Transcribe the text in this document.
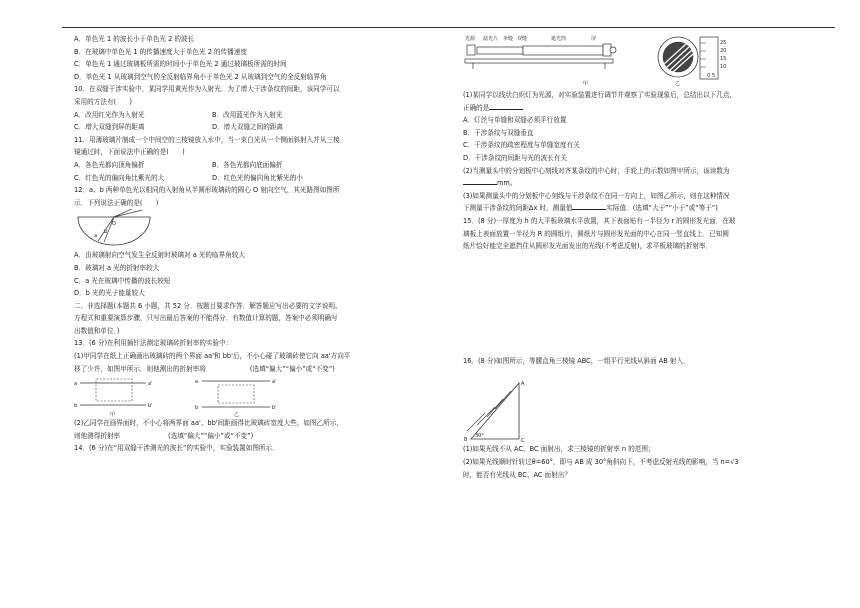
A．单色光 1 的波长小于单色光 2 的波长

B．在玻璃中单色光 1 的传播速度大于单色光 2 的传播速度

C．单色光 1 通过玻璃板所需的时间小于单色光 2 通过玻璃板所需的时间

D．单色光 1 从玻璃到空气的全反射临界角小于单色光 2 从玻璃到空气的全反射临界角

10．在双缝干涉实验中，某同学用黄光作为入射光．为了增大干涉条纹的间距，该同学可以

采用的方法有(　　)

A．改用红光作为入射光	B．改用蓝光作为入射光

C．增大双缝到屏的距离	D．增大双缝之间的距离

11．用薄玻璃片制成一个中间空的三棱镜放入水中，当一束白光从一个侧面斜射入并从三棱

镜通过时，下面说法中正确的是(　　)

A．各色光都向顶角偏折	B．各色光都向底面偏折

C．红色光的偏向角比紫光的大	D．红色光的偏向角比紫光的小

12．a、b 两种单色光以相同的入射角从半圆形玻璃砖的圆心 O 射向空气，其光路图如图所

示．下列说法正确的是(　　)

a
b
O

A．由玻璃射向空气发生全反射时玻璃对 a 光的临界角较大

B．玻璃对 a 光的折射率较大

C．a 光在玻璃中传播的波长较短

D．b 光的光子能量较大

二、非选择题(本题共 6 小题，共 52 分．按题目要求作答．解答题应写出必要的文字说明、

方程式和重要演算步骤，只写出最后答案的不能得分．有数值计算的题，答案中必须明确写

出数值和单位．)

13．(6 分)在利用插针法测定玻璃砖折射率的实验中：

(1)甲同学在纸上正确画出玻璃砖的两个界面 aa'和 bb'后，不小心碰了玻璃砖使它向 aa'方向平

移了少许，如图甲所示．则他测出的折射率将	(选填“偏大”“偏小”或“不变”)

a	a'
b	b'
甲
a	a'
b	b'
乙

(2)乙同学在画界面时，不小心将两界面 aa'、bb'间距画得比玻璃砖宽度大些，如图乙所示，

则他测得折射率	(选填“偏大”“偏小”或“不变”)

14．(6 分)在“用双缝干涉测光的波长”的实验中，实验装置如图所示．

光源 滤光片 单缝 双缝	遮光筒	屏
甲
25
20
15
10
0 5
乙

(1)某同学以线状白炽灯为光源，对实验装置进行调节并观察了实验现象后，总结出以下几点，

正确的是

A．灯丝与单缝和双缝必须平行放置

B．干涉条纹与双缝垂直

C．干涉条纹的疏密程度与单缝宽度有关

D．干涉条纹的间距与光的波长有关

(2)当测量头中的分划板中心刻线对齐某条纹的中心时，手轮上的示数如图甲所示，该读数为

mm。

(3)如果测量头中的分划板中心刻线与干涉条纹不在同一方向上，如图乙所示，则在这种情况

下测量干涉条纹的间距Δx 时，测量值	实际值．(选填“大于”“小于”或“等于”)

15．(8 分)一厚度为 h 的大平板玻璃水平放置，其下表面贴有一半径为 r 的圆形发光面．在玻

璃板上表面放置一半径为 R 的圆纸片，圆纸片与圆形发光面的中心在同一竖直线上．已知圆

纸片恰好能完全遮挡住从圆形发光面发出的光线(不考虑反射)，求平板玻璃的折射率．

16．(8 分)如图所示，等腰直角三棱镜 ABC，一组平行光线从斜面 AB 射入．

A
B	C
30°

(1)如果光线不从 AC、BC 面射出，求三棱镜的折射率 n 的范围；

(2)如果光线顺时针转过θ=60°，即与 AB 成 30°角斜向下，不考虑反射光线的影响，当 n=√3

时，能否有光线从 BC、AC 面射出？
